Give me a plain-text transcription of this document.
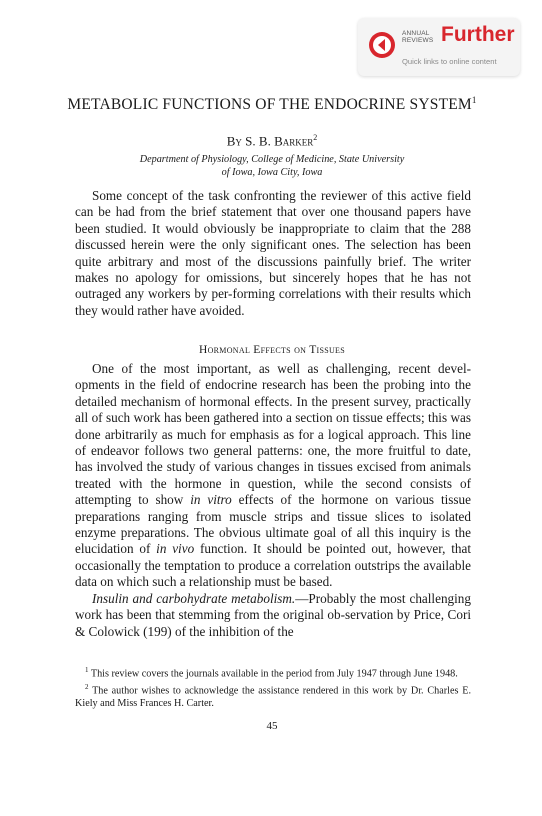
ANNUAL
REVIEWS Further
Quick links to online content
METABOLIC FUNCTIONS OF THE ENDOCRINE SYSTEM$^1$
By S. B. Barker$^2$
Department of Physiology, College of Medicine, State University
of Iowa, Iowa City, Iowa

Some concept of the task confronting the reviewer of this active field can be had from the brief statement that over one thousand papers have been studied. It would obviously be inappropriate to claim that the 288 discussed herein were the only significant ones. The selection has been quite arbitrary and most of the discussions painfully brief. The writer makes no apology for omissions, but sincerely hopes that he has not outraged any workers by per-forming correlations with their results which they would rather have avoided.

Hormonal Effects on Tissues
One of the most important, as well as challenging, recent devel-opments in the field of endocrine research has been the probing into the detailed mechanism of hormonal effects. In the present survey, practically all of such work has been gathered into a section on tissue effects; this was done arbitrarily as much for emphasis as for a logical approach. This line of endeavor follows two general patterns: one, the more fruitful to date, has involved the study of various changes in tissues excised from animals treated with the hormone in question, while the second consists of attempting to show in vitro effects of the hormone on various tissue preparations ranging from muscle strips and tissue slices to isolated enzyme preparations. The obvious ultimate goal of all this inquiry is the elucidation of in vivo function. It should be pointed out, however, that occasionally the temptation to produce a correlation outstrips the available data on which such a relationship must be based.
Insulin and carbohydrate metabolism.—Probably the most challenging work has been that stemming from the original ob-servation by Price, Cori & Colowick (199) of the inhibition of the

$^1$ This review covers the journals available in the period from July 1947 through June 1948.

$^2$ The author wishes to acknowledge the assistance rendered in this work by Dr. Charles E. Kiely and Miss Frances H. Carter.

45
